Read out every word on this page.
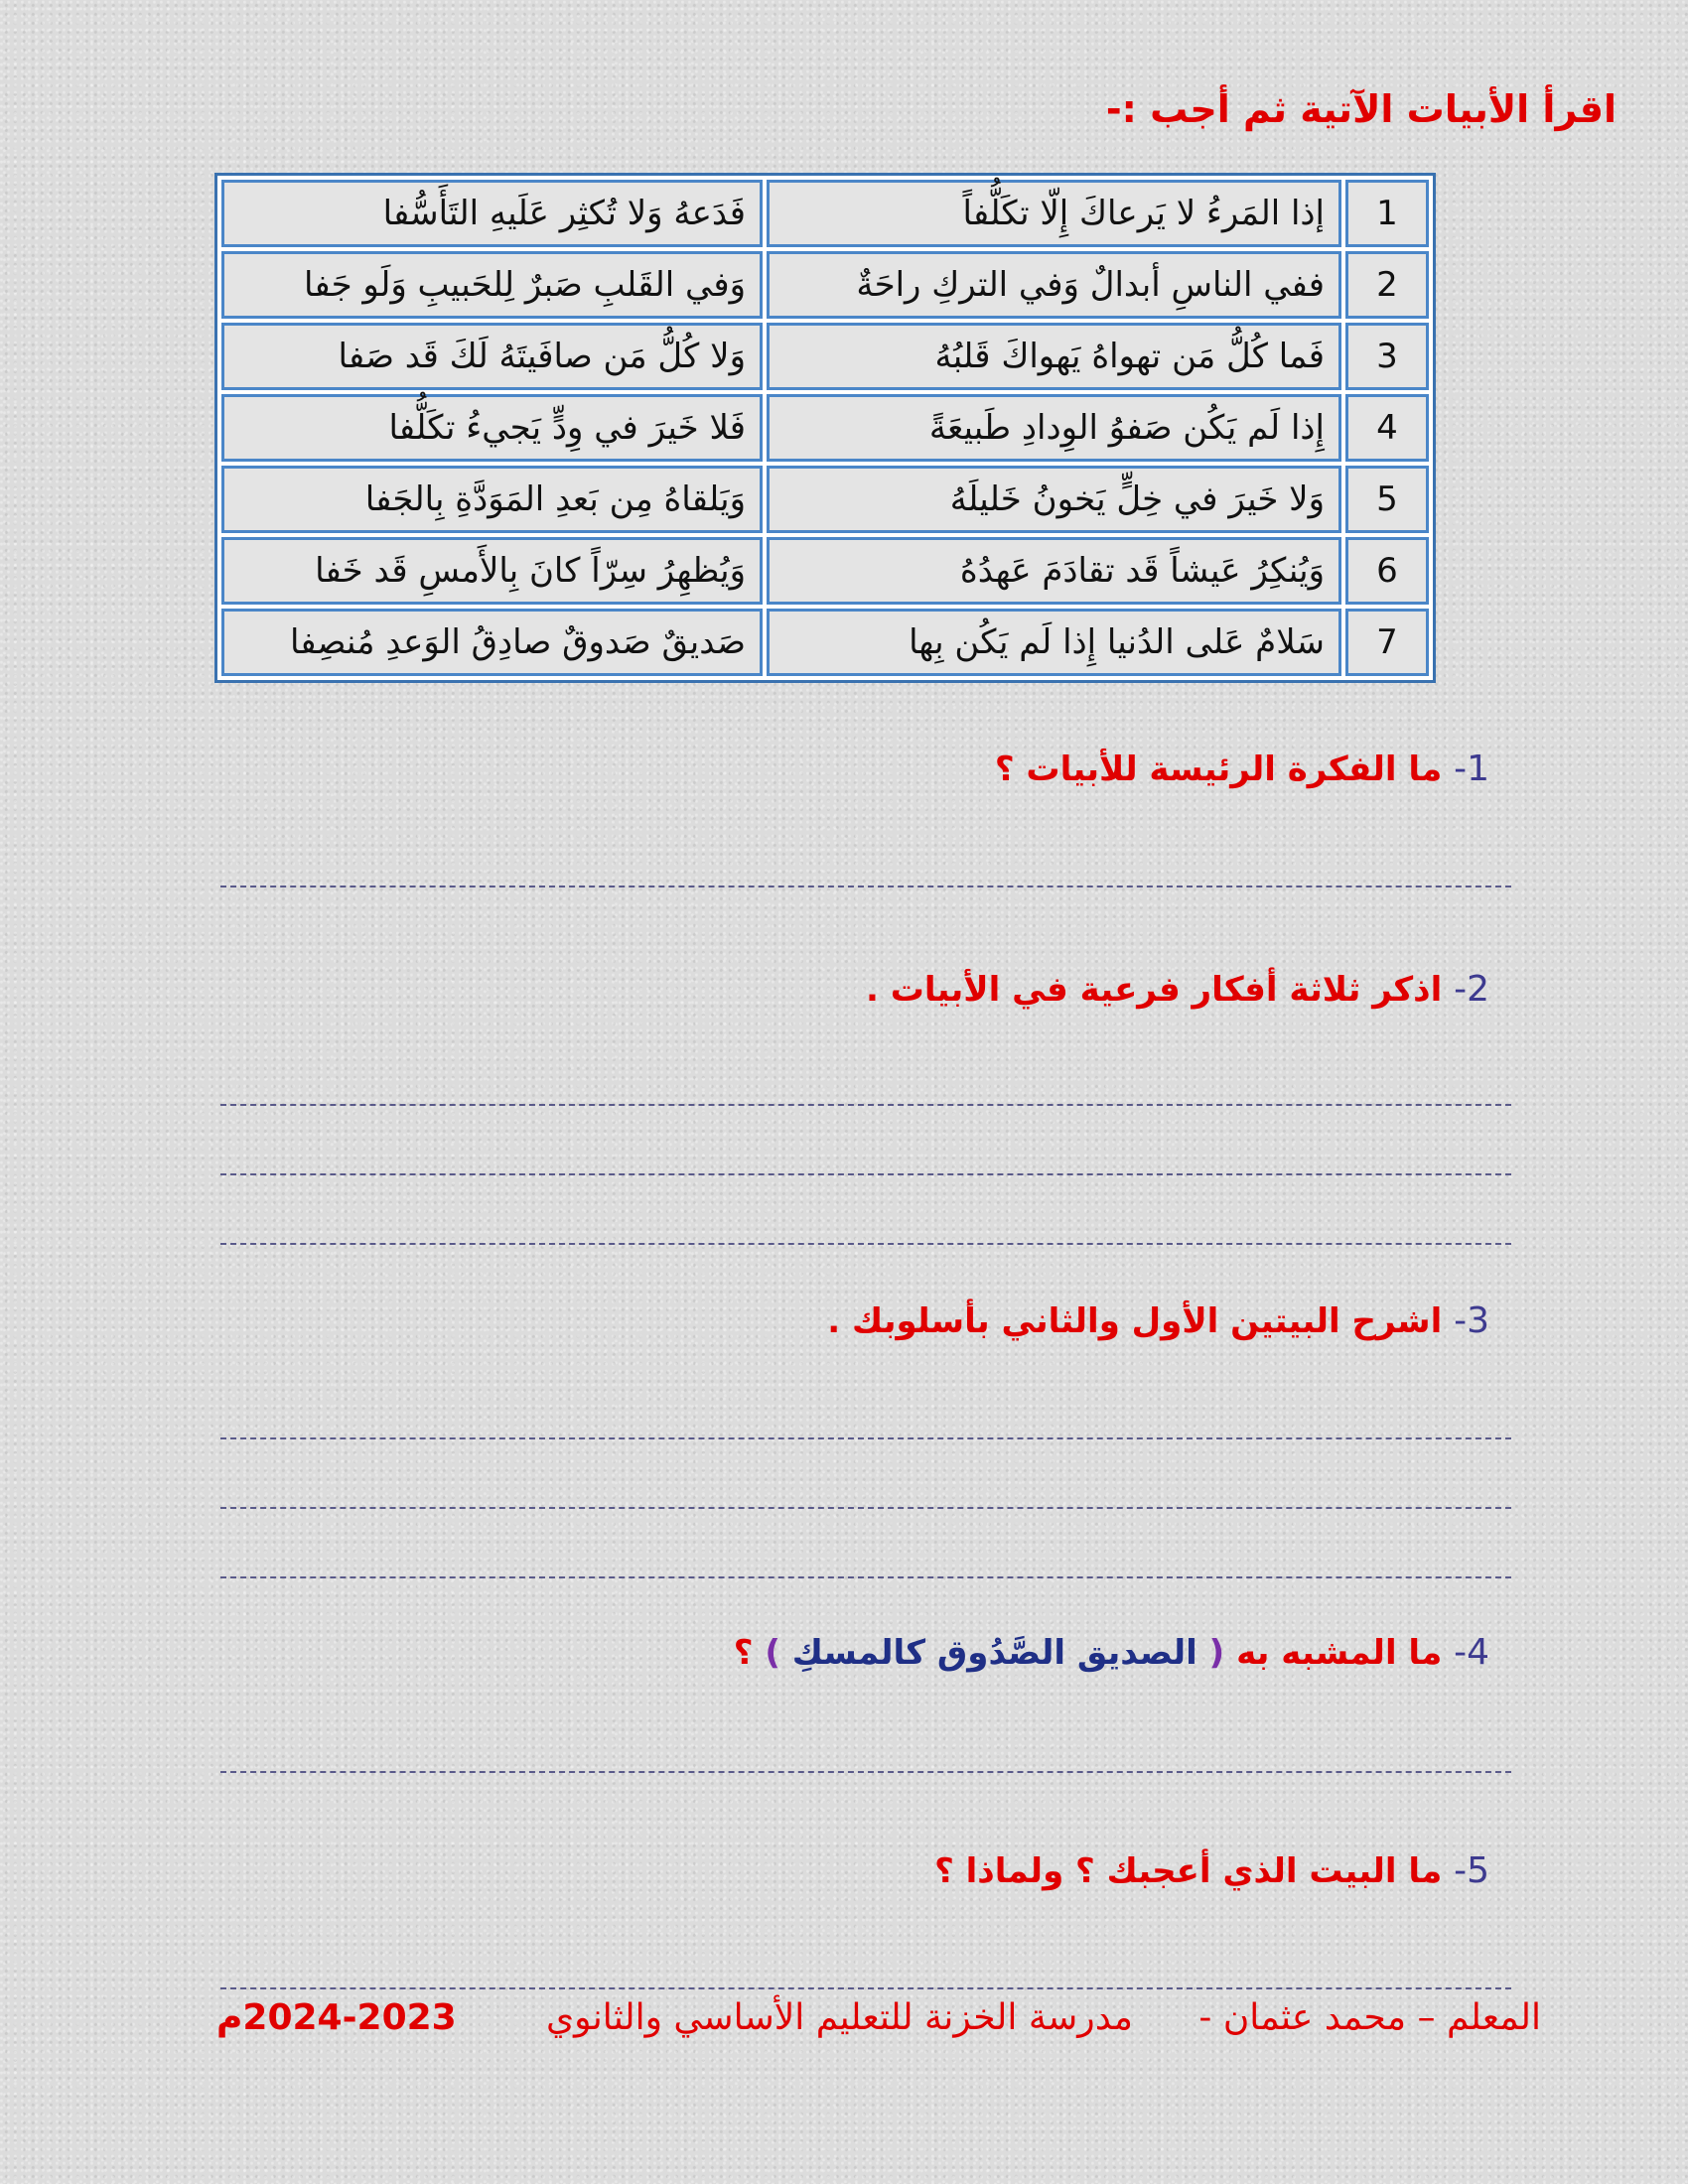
اقرأ الأبيات الآتية ثم أجب :-

1	إذا المَرءُ لا يَرعاكَ إِلّا تكَلُّفاً	فَدَعهُ وَلا تُكثِر عَلَيهِ التَأَسُّفا
2	ففي الناسِ أبدالٌ وَفي التركِ راحَةٌ	وَفي القَلبِ صَبرٌ لِلحَبيبِ وَلَو جَفا
3	فَما كُلُّ مَن تهواهُ يَهواكَ قَلبُهُ	وَلا كُلُّ مَن صافَيتَهُ لَكَ قَد صَفا
4	إِذا لَم يَكُن صَفوُ الوِدادِ طَبيعَةً	فَلا خَيرَ في وِدٍّ يَجيءُ تكَلُّفا
5	وَلا خَيرَ في خِلٍّ يَخونُ خَليلَهُ	وَيَلقاهُ مِن بَعدِ المَوَدَّةِ بِالجَفا
6	وَيُنكِرُ عَيشاً قَد تقادَمَ عَهدُهُ	وَيُظهِرُ سِرّاً كانَ بِالأَمسِ قَد خَفا
7	سَلامٌ عَلى الدُنيا إِذا لَم يَكُن بِها	صَديقٌ صَدوقٌ صادِقُ الوَعدِ مُنصِفا

1- ما الفكرة الرئيسة للأبيات ؟

2- اذكر ثلاثة أفكار فرعية في الأبيات .

3- اشرح البيتين الأول والثاني بأسلوبك .

4- ما المشبه به ( الصديق الصَّدُوق كالمسكِ ) ؟

5- ما البيت الذي أعجبك ؟ ولماذا ؟

المعلم – محمد عثمان -

مدرسة الخزنة للتعليم الأساسي والثانوي

2024-2023م
